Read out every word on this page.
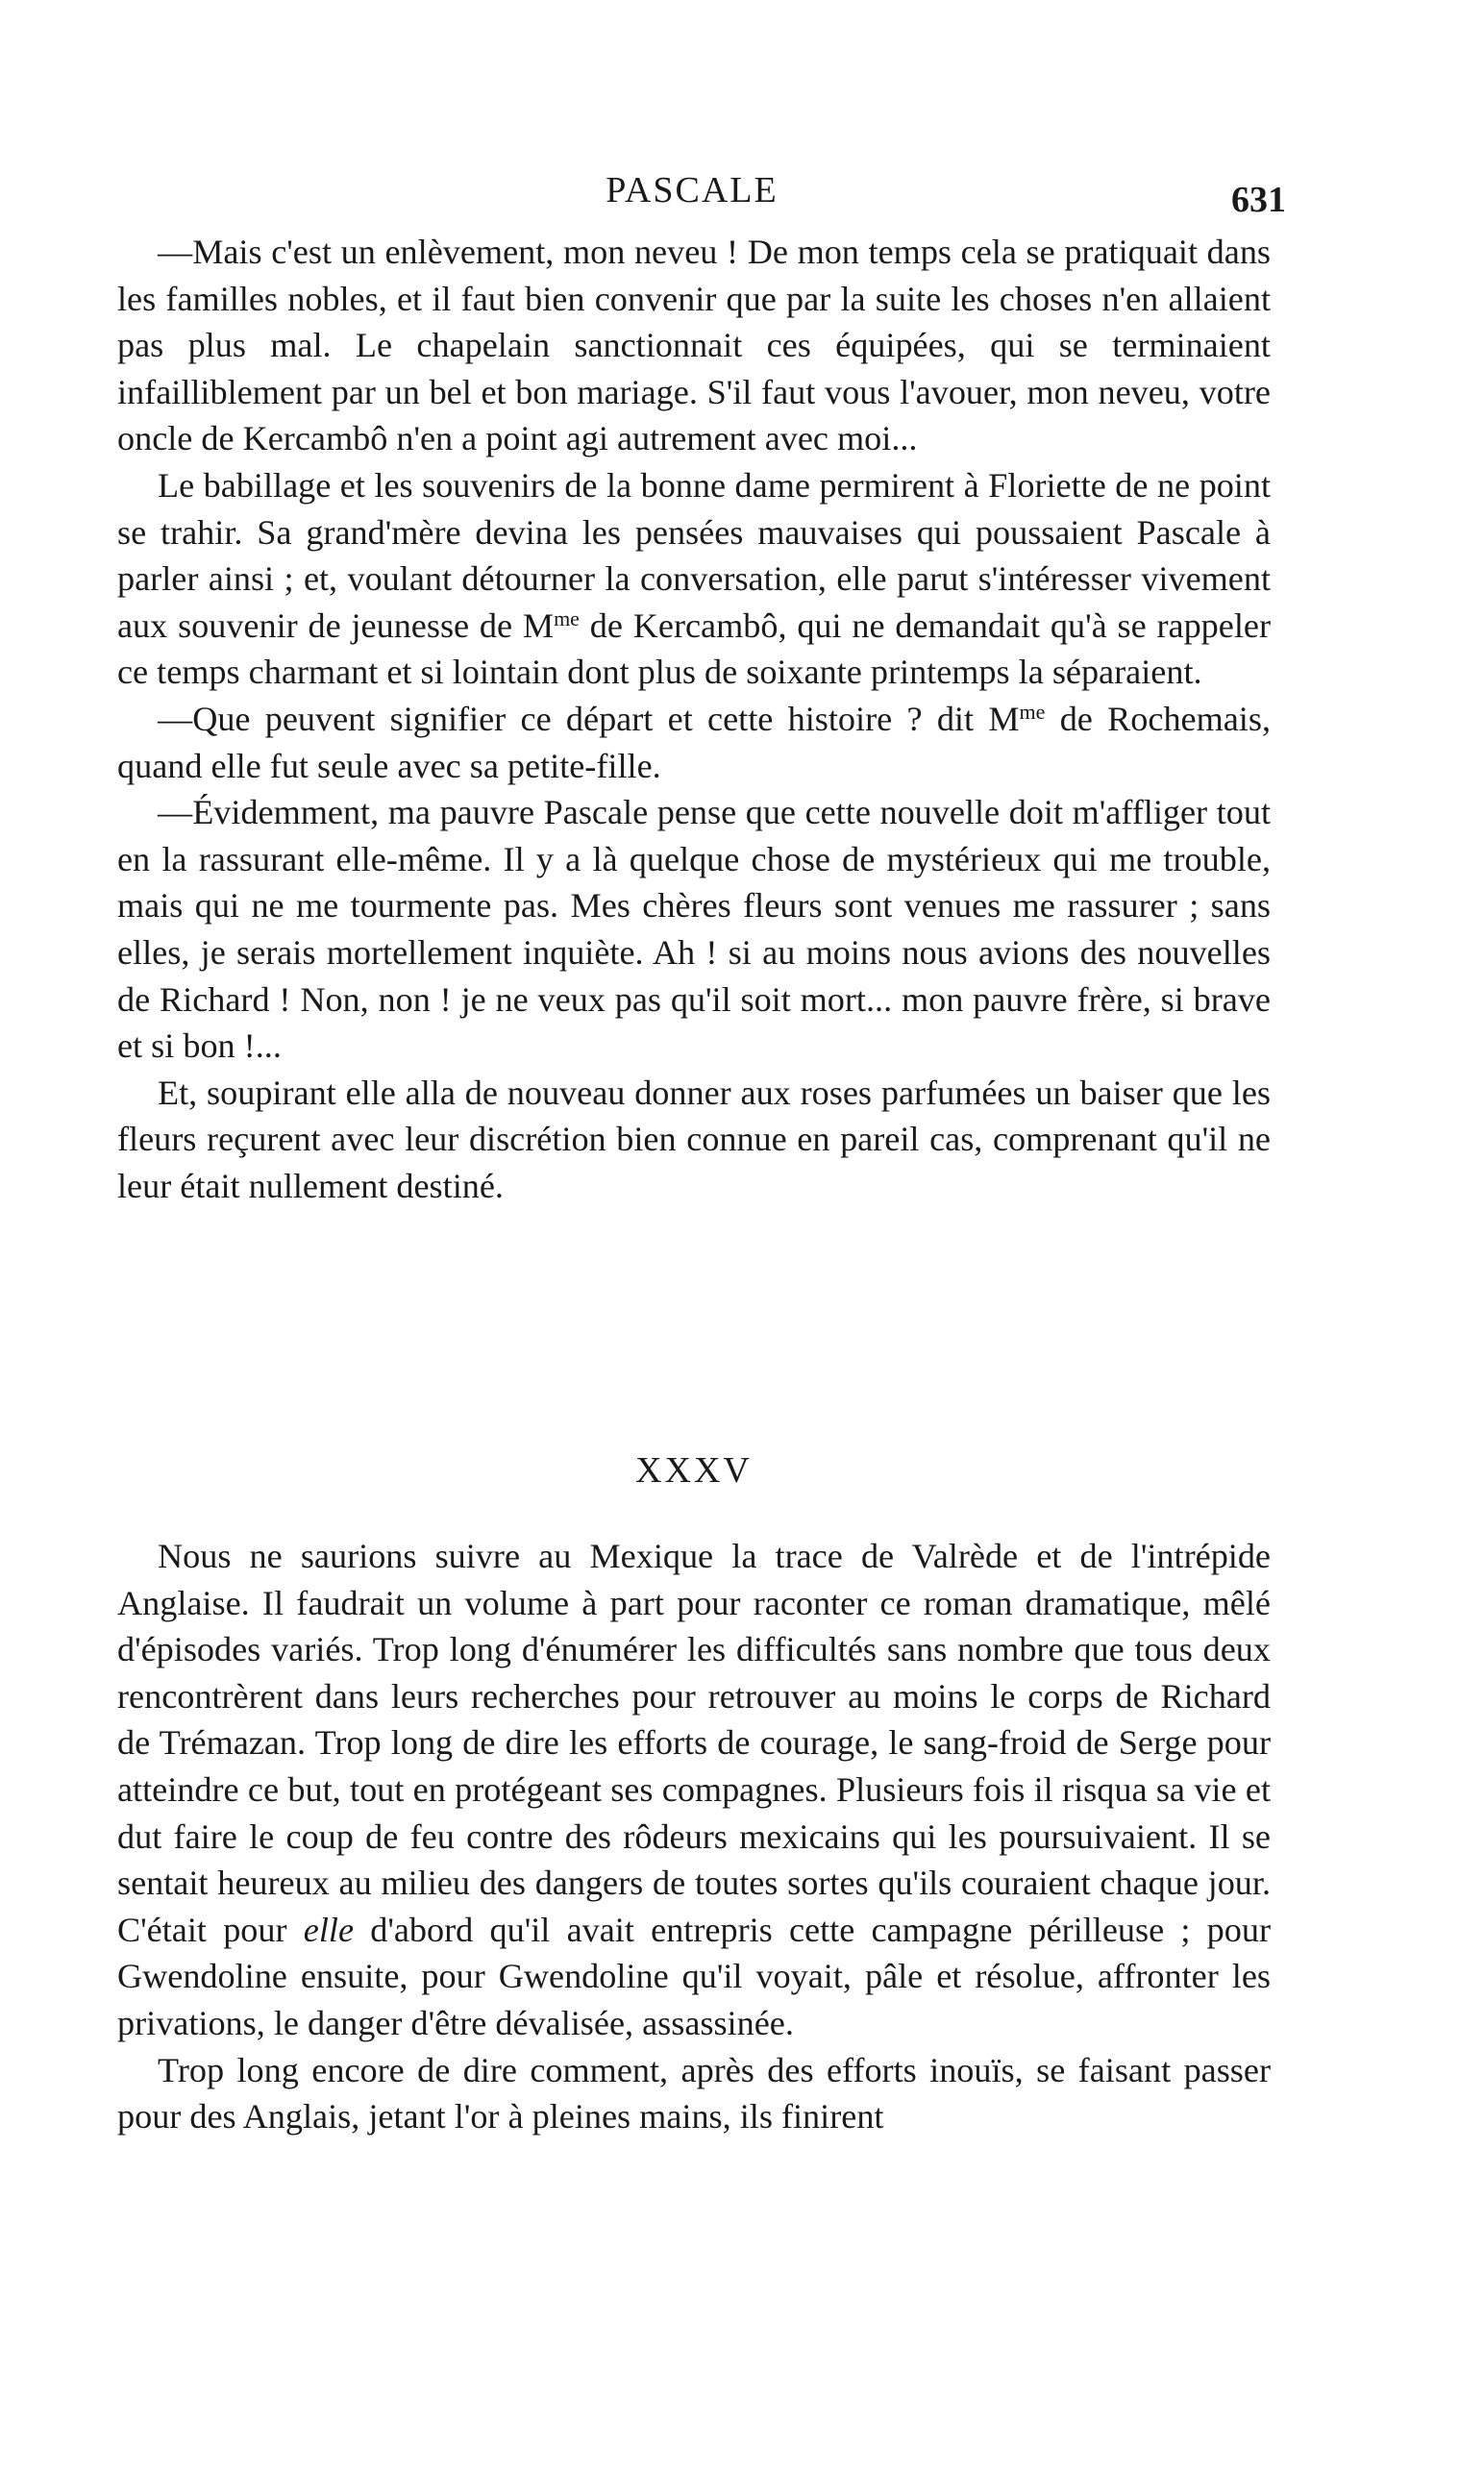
PASCALE	631

—Mais c'est un enlèvement, mon neveu ! De mon temps cela se pratiquait dans les familles nobles, et il faut bien convenir que par la suite les choses n'en allaient pas plus mal. Le chapelain sanctionnait ces équipées, qui se terminaient infailliblement par un bel et bon mariage. S'il faut vous l'avouer, mon neveu, votre oncle de Kercambô n'en a point agi autrement avec moi...

Le babillage et les souvenirs de la bonne dame permirent à Floriette de ne point se trahir. Sa grand'mère devina les pensées mauvaises qui poussaient Pascale à parler ainsi ; et, voulant détourner la conversation, elle parut s'intéresser vivement aux souvenir de jeunesse de $M^{me}$ de Kercambô, qui ne demandait qu'à se rappeler ce temps charmant et si lointain dont plus de soixante printemps la séparaient.

—Que peuvent signifier ce départ et cette histoire ? dit $M^{me}$ de Rochemais, quand elle fut seule avec sa petite-fille.

—Évidemment, ma pauvre Pascale pense que cette nouvelle doit m'affliger tout en la rassurant elle-même. Il y a là quelque chose de mystérieux qui me trouble, mais qui ne me tourmente pas. Mes chères fleurs sont venues me rassurer ; sans elles, je serais mortellement inquiète. Ah ! si au moins nous avions des nouvelles de Richard ! Non, non ! je ne veux pas qu'il soit mort... mon pauvre frère, si brave et si bon !...

Et, soupirant elle alla de nouveau donner aux roses parfumées un baiser que les fleurs reçurent avec leur discrétion bien connue en pareil cas, comprenant qu'il ne leur était nullement destiné.

XXXV

Nous ne saurions suivre au Mexique la trace de Valrède et de l'intrépide Anglaise. Il faudrait un volume à part pour raconter ce roman dramatique, mêlé d'épisodes variés. Trop long d'énumérer les difficultés sans nombre que tous deux rencontrèrent dans leurs recherches pour retrouver au moins le corps de Richard de Trémazan. Trop long de dire les efforts de courage, le sang-froid de Serge pour atteindre ce but, tout en protégeant ses compagnes. Plusieurs fois il risqua sa vie et dut faire le coup de feu contre des rôdeurs mexicains qui les poursuivaient. Il se sentait heureux au milieu des dangers de toutes sortes qu'ils couraient chaque jour. C'était pour elle d'abord qu'il avait entrepris cette campagne périlleuse ; pour Gwendoline ensuite, pour Gwendoline qu'il voyait, pâle et résolue, affronter les privations, le danger d'être dévalisée, assassinée.

Trop long encore de dire comment, après des efforts inouïs, se faisant passer pour des Anglais, jetant l'or à pleines mains, ils finirent
